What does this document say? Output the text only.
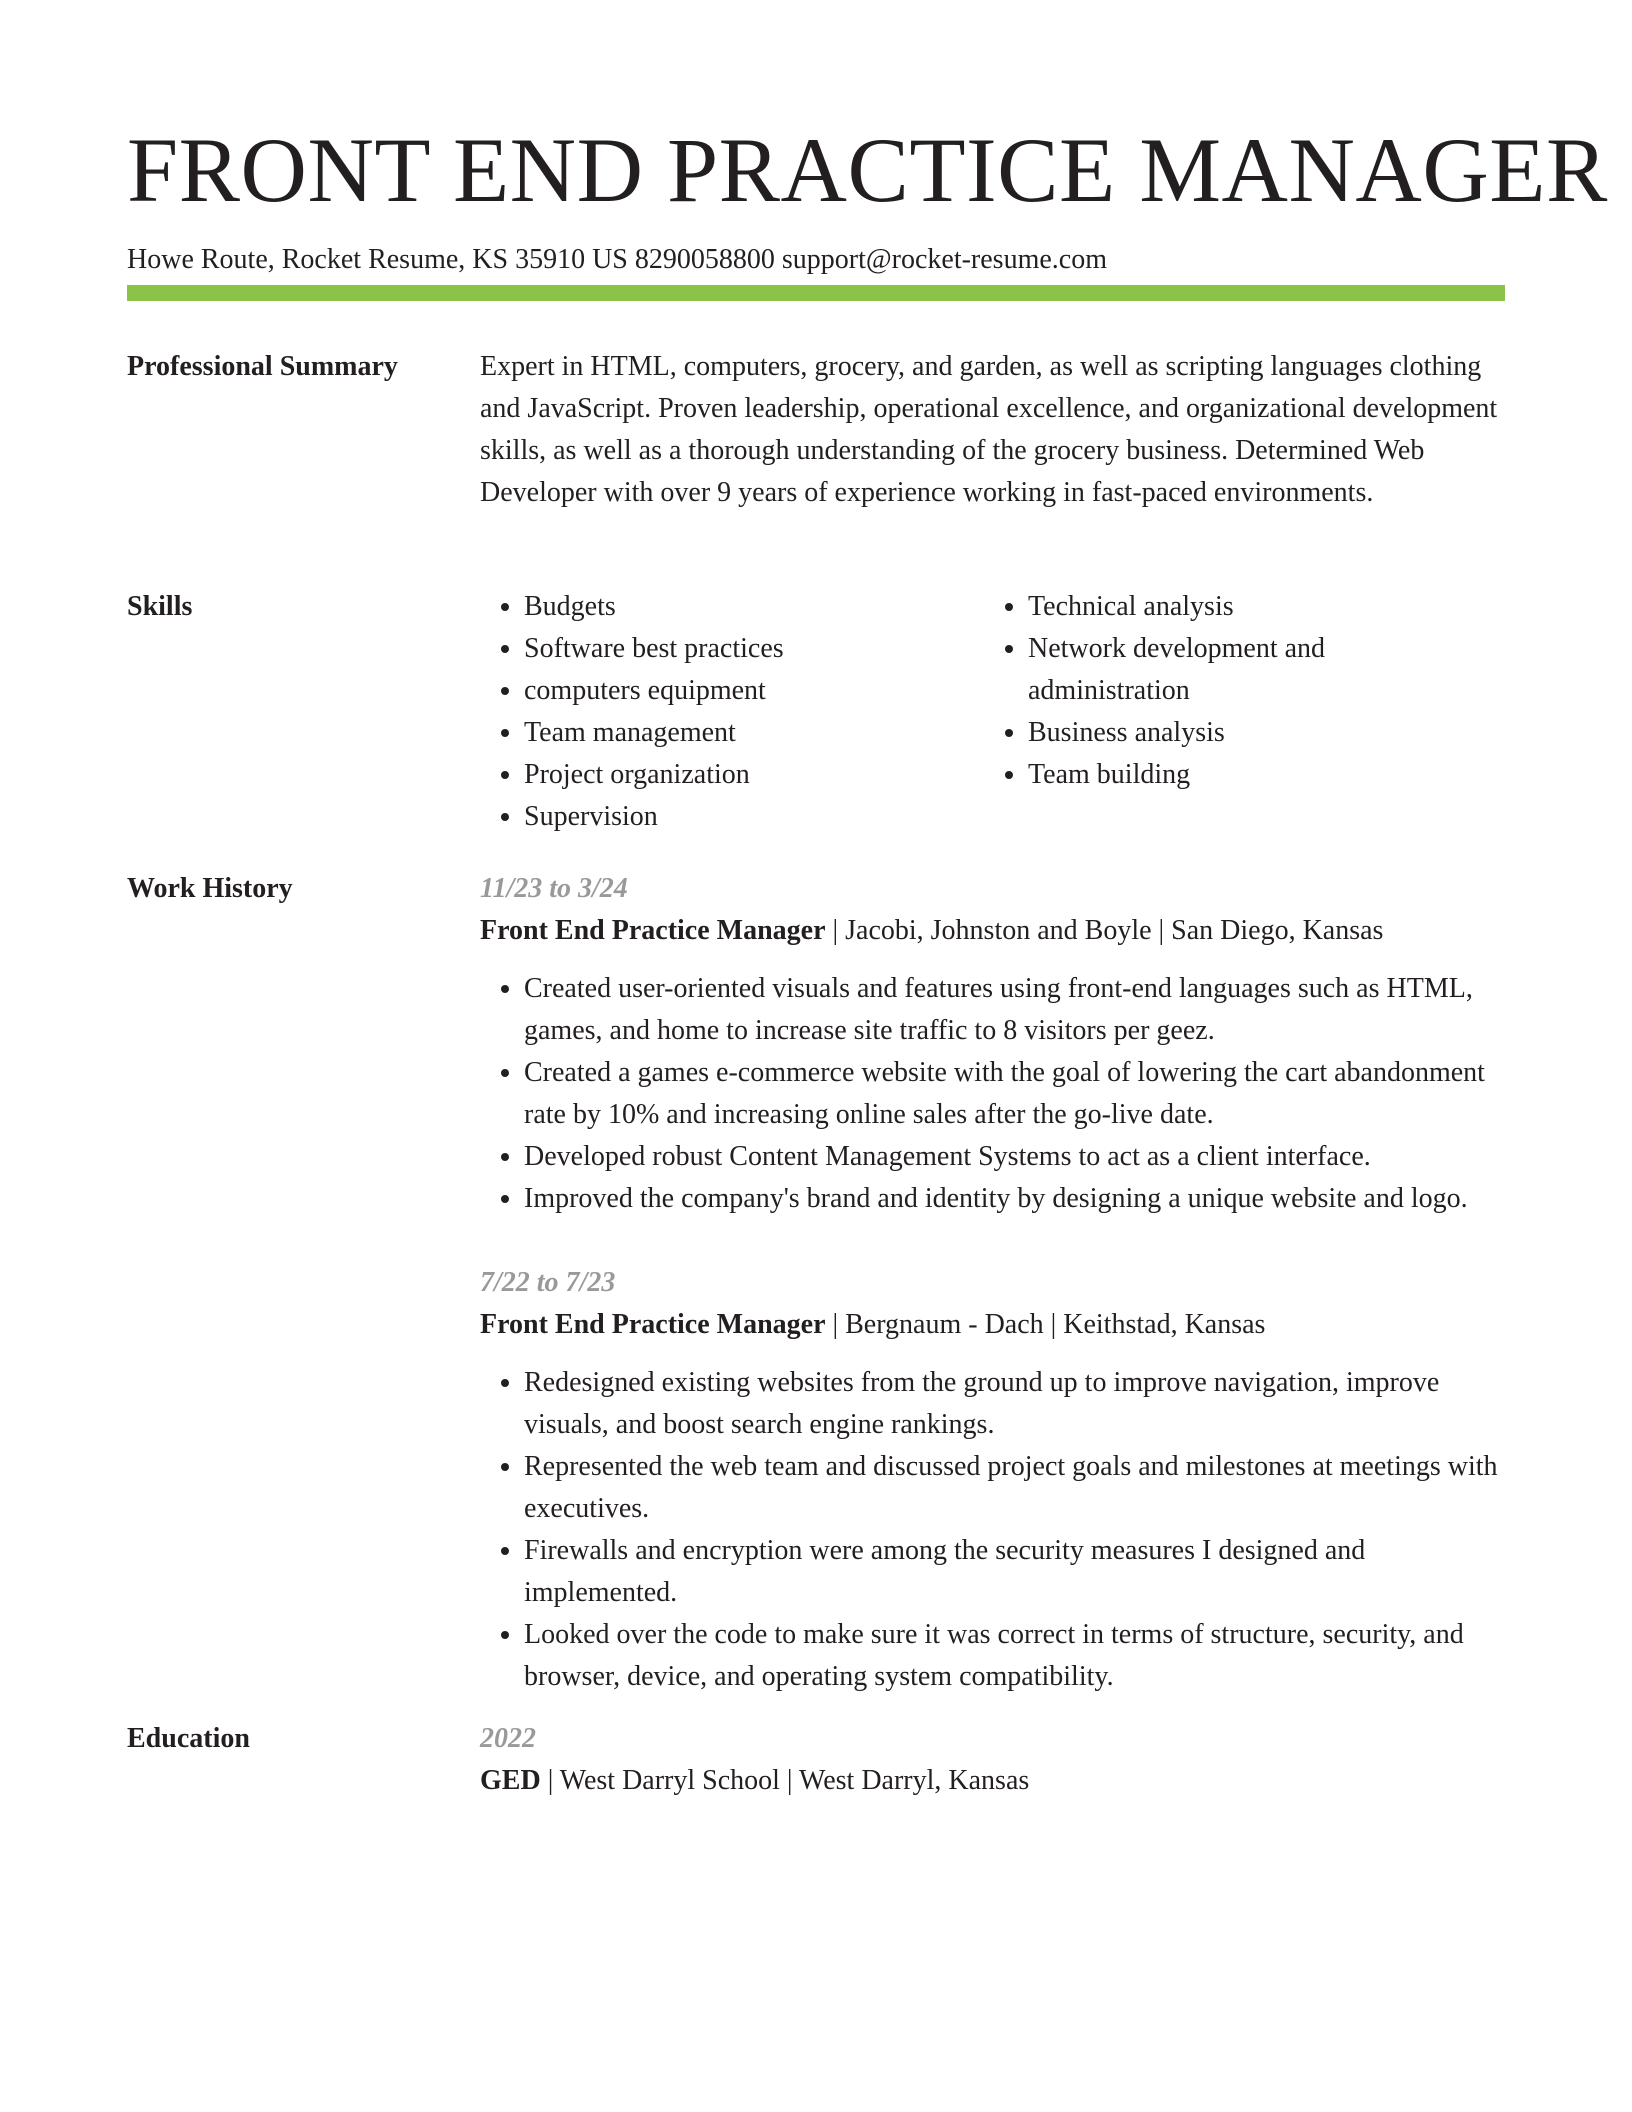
FRONT END PRACTICE MANAGER
Howe Route, Rocket Resume, KS 35910 US 8290058800 support@rocket-resume.com
Professional Summary	Expert in HTML, computers, grocery, and garden, as well as scripting languages clothing and JavaScript. Proven leadership, operational excellence, and organizational development skills, as well as a thorough understanding of the grocery business. Determined Web Developer with over 9 years of experience working in fast-paced environments.

Skills
•	Budgets
• Software best practices
• computers equipment
• Team management
• Project organization
• Supervision
• Technical analysis
• Network development and administration
• Business analysis
• Team building
Work History	11/23 to 3/24
Front End Practice Manager | Jacobi, Johnston and Boyle | San Diego, Kansas
• Created user-oriented visuals and features using front-end languages such as HTML, games, and home to increase site traffic to 8 visitors per geez.
• Created a games e-commerce website with the goal of lowering the cart abandonment rate by 10% and increasing online sales after the go-live date.
• Developed robust Content Management Systems to act as a client interface.
• Improved the company's brand and identity by designing a unique website and logo.
7/22 to 7/23
Front End Practice Manager | Bergnaum - Dach | Keithstad, Kansas
• Redesigned existing websites from the ground up to improve navigation, improve visuals, and boost search engine rankings.
• Represented the web team and discussed project goals and milestones at meetings with executives.
• Firewalls and encryption were among the security measures I designed and implemented.
• Looked over the code to make sure it was correct in terms of structure, security, and browser, device, and operating system compatibility.
Education	2022
GED | West Darryl School | West Darryl, Kansas
